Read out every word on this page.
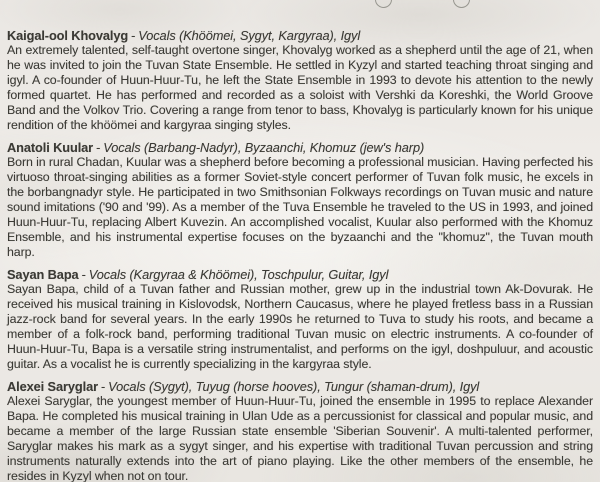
Kaigal-ool Khovalyg - Vocals (Khöömei, Sygyt, Kargyraa), Igyl

An extremely talented, self-taught overtone singer, Khovalyg worked as a shepherd until the age of 21, when he was invited to join the Tuvan State Ensemble. He settled in Kyzyl and started teaching throat singing and igyl. A co-founder of Huun-Huur-Tu, he left the State Ensemble in 1993 to devote his attention to the newly formed quartet. He has performed and recorded as a soloist with Vershki da Koreshki, the World Groove Band and the Volkov Trio. Covering a range from tenor to bass, Khovalyg is particularly known for his unique rendition of the khöömei and kargyraa singing styles.

Anatoli Kuular - Vocals (Barbang-Nadyr), Byzaanchi, Khomuz (jew's harp)

Born in rural Chadan, Kuular was a shepherd before becoming a professional musician. Having perfected his virtuoso throat-singing abilities as a former Soviet-style concert performer of Tuvan folk music, he excels in the borbangnadyr style. He participated in two Smithsonian Folkways recordings on Tuvan music and nature sound imitations ('90 and '99). As a member of the Tuva Ensemble he traveled to the US in 1993, and joined Huun-Huur-Tu, replacing Albert Kuvezin. An accomplished vocalist, Kuular also performed with the Khomuz Ensemble, and his instrumental expertise focuses on the byzaanchi and the "khomuz", the Tuvan mouth harp.

Sayan Bapa - Vocals (Kargyraa & Khöömei), Toschpulur, Guitar, Igyl

Sayan Bapa, child of a Tuvan father and Russian mother, grew up in the industrial town Ak-Dovurak. He received his musical training in Kislovodsk, Northern Caucasus, where he played fretless bass in a Russian jazz-rock band for several years. In the early 1990s he returned to Tuva to study his roots, and became a member of a folk-rock band, performing traditional Tuvan music on electric instruments. A co-founder of Huun-Huur-Tu, Bapa is a versatile string instrumentalist, and performs on the igyl, doshpuluur, and acoustic guitar. As a vocalist he is currently specializing in the kargyraa style.

Alexei Saryglar - Vocals (Sygyt), Tuyug (horse hooves), Tungur (shaman-drum), Igyl

Alexei Saryglar, the youngest member of Huun-Huur-Tu, joined the ensemble in 1995 to replace Alexander Bapa. He completed his musical training in Ulan Ude as a percussionist for classical and popular music, and became a member of the large Russian state ensemble 'Siberian Souvenir'. A multi-talented performer, Saryglar makes his mark as a sygyt singer, and his expertise with traditional Tuvan percussion and string instruments naturally extends into the art of piano playing. Like the other members of the ensemble, he resides in Kyzyl when not on tour.
